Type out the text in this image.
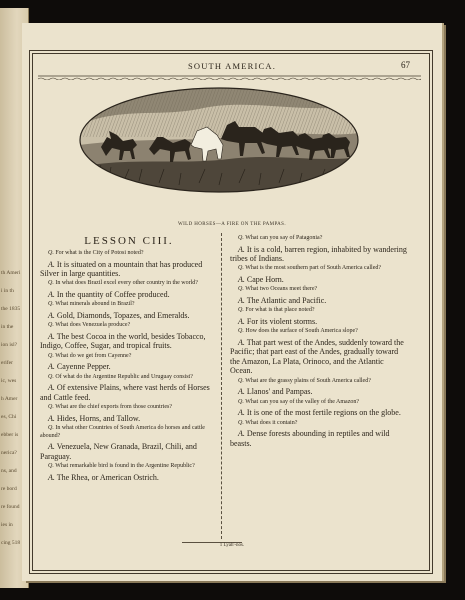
th Ameri
i in th
the 1835
in the
ion isl?
erifer
ic, wes
h Amer
es, Chi
ebber is
nerica?
ns, and
re bord
re found
ies in
cing 518
SOUTH AMERICA.	67
WILD HORSES—A FIRE ON THE PAMPAS.
LESSON CIII.
Q. For what is the City of Potosi noted?
A. It is situated on a mountain that has produced Silver in large quantities.
Q. In what does Brazil excel every other country in the world?
A. In the quantity of Coffee produced.
Q. What minerals abound in Brazil?
A. Gold, Diamonds, Topazes, and Emeralds.
Q. What does Venezuela produce?
A. The best Cocoa in the world, besides Tobacco, Indigo, Coffee, Sugar, and tropical fruits.
Q. What do we get from Cayenne?
A. Cayenne Pepper.
Q. Of what do the Argentine Republic and Uruguay consist?
A. Of extensive Plains, where vast herds of Horses and Cattle feed.
Q. What are the chief exports from those countries?
A. Hides, Horns, and Tallow.
Q. In what other Countries of South America do horses and cattle abound?
A. Venezuela, New Granada, Brazil, Chili, and Paraguay.
Q. What remarkable bird is found in the Argentine Republic?
A. The Rhea, or American Ostrich.
Q. What can you say of Patagonia?
A. It is a cold, barren region, inhabited by wandering tribes of Indians.
Q. What is the most southern part of South America called?
A. Cape Horn.
Q. What two Oceans meet there?
A. The Atlantic and Pacific.
Q. For what is that place noted?
A. For its violent storms.
Q. How does the surface of South America slope?
A. That part west of the Andes, suddenly toward the Pacific; that part east of the Andes, gradually toward the Amazon, La Plata, Orinoco, and the Atlantic Ocean.
Q. What are the grassy plains of South America called?
A. Llanos' and Pampas.
Q. What can you say of the valley of the Amazon?
A. It is one of the most fertile regions on the globe.
Q. What does it contain?
A. Dense forests abounding in reptiles and wild beasts.
1 Lyah'-nos.
